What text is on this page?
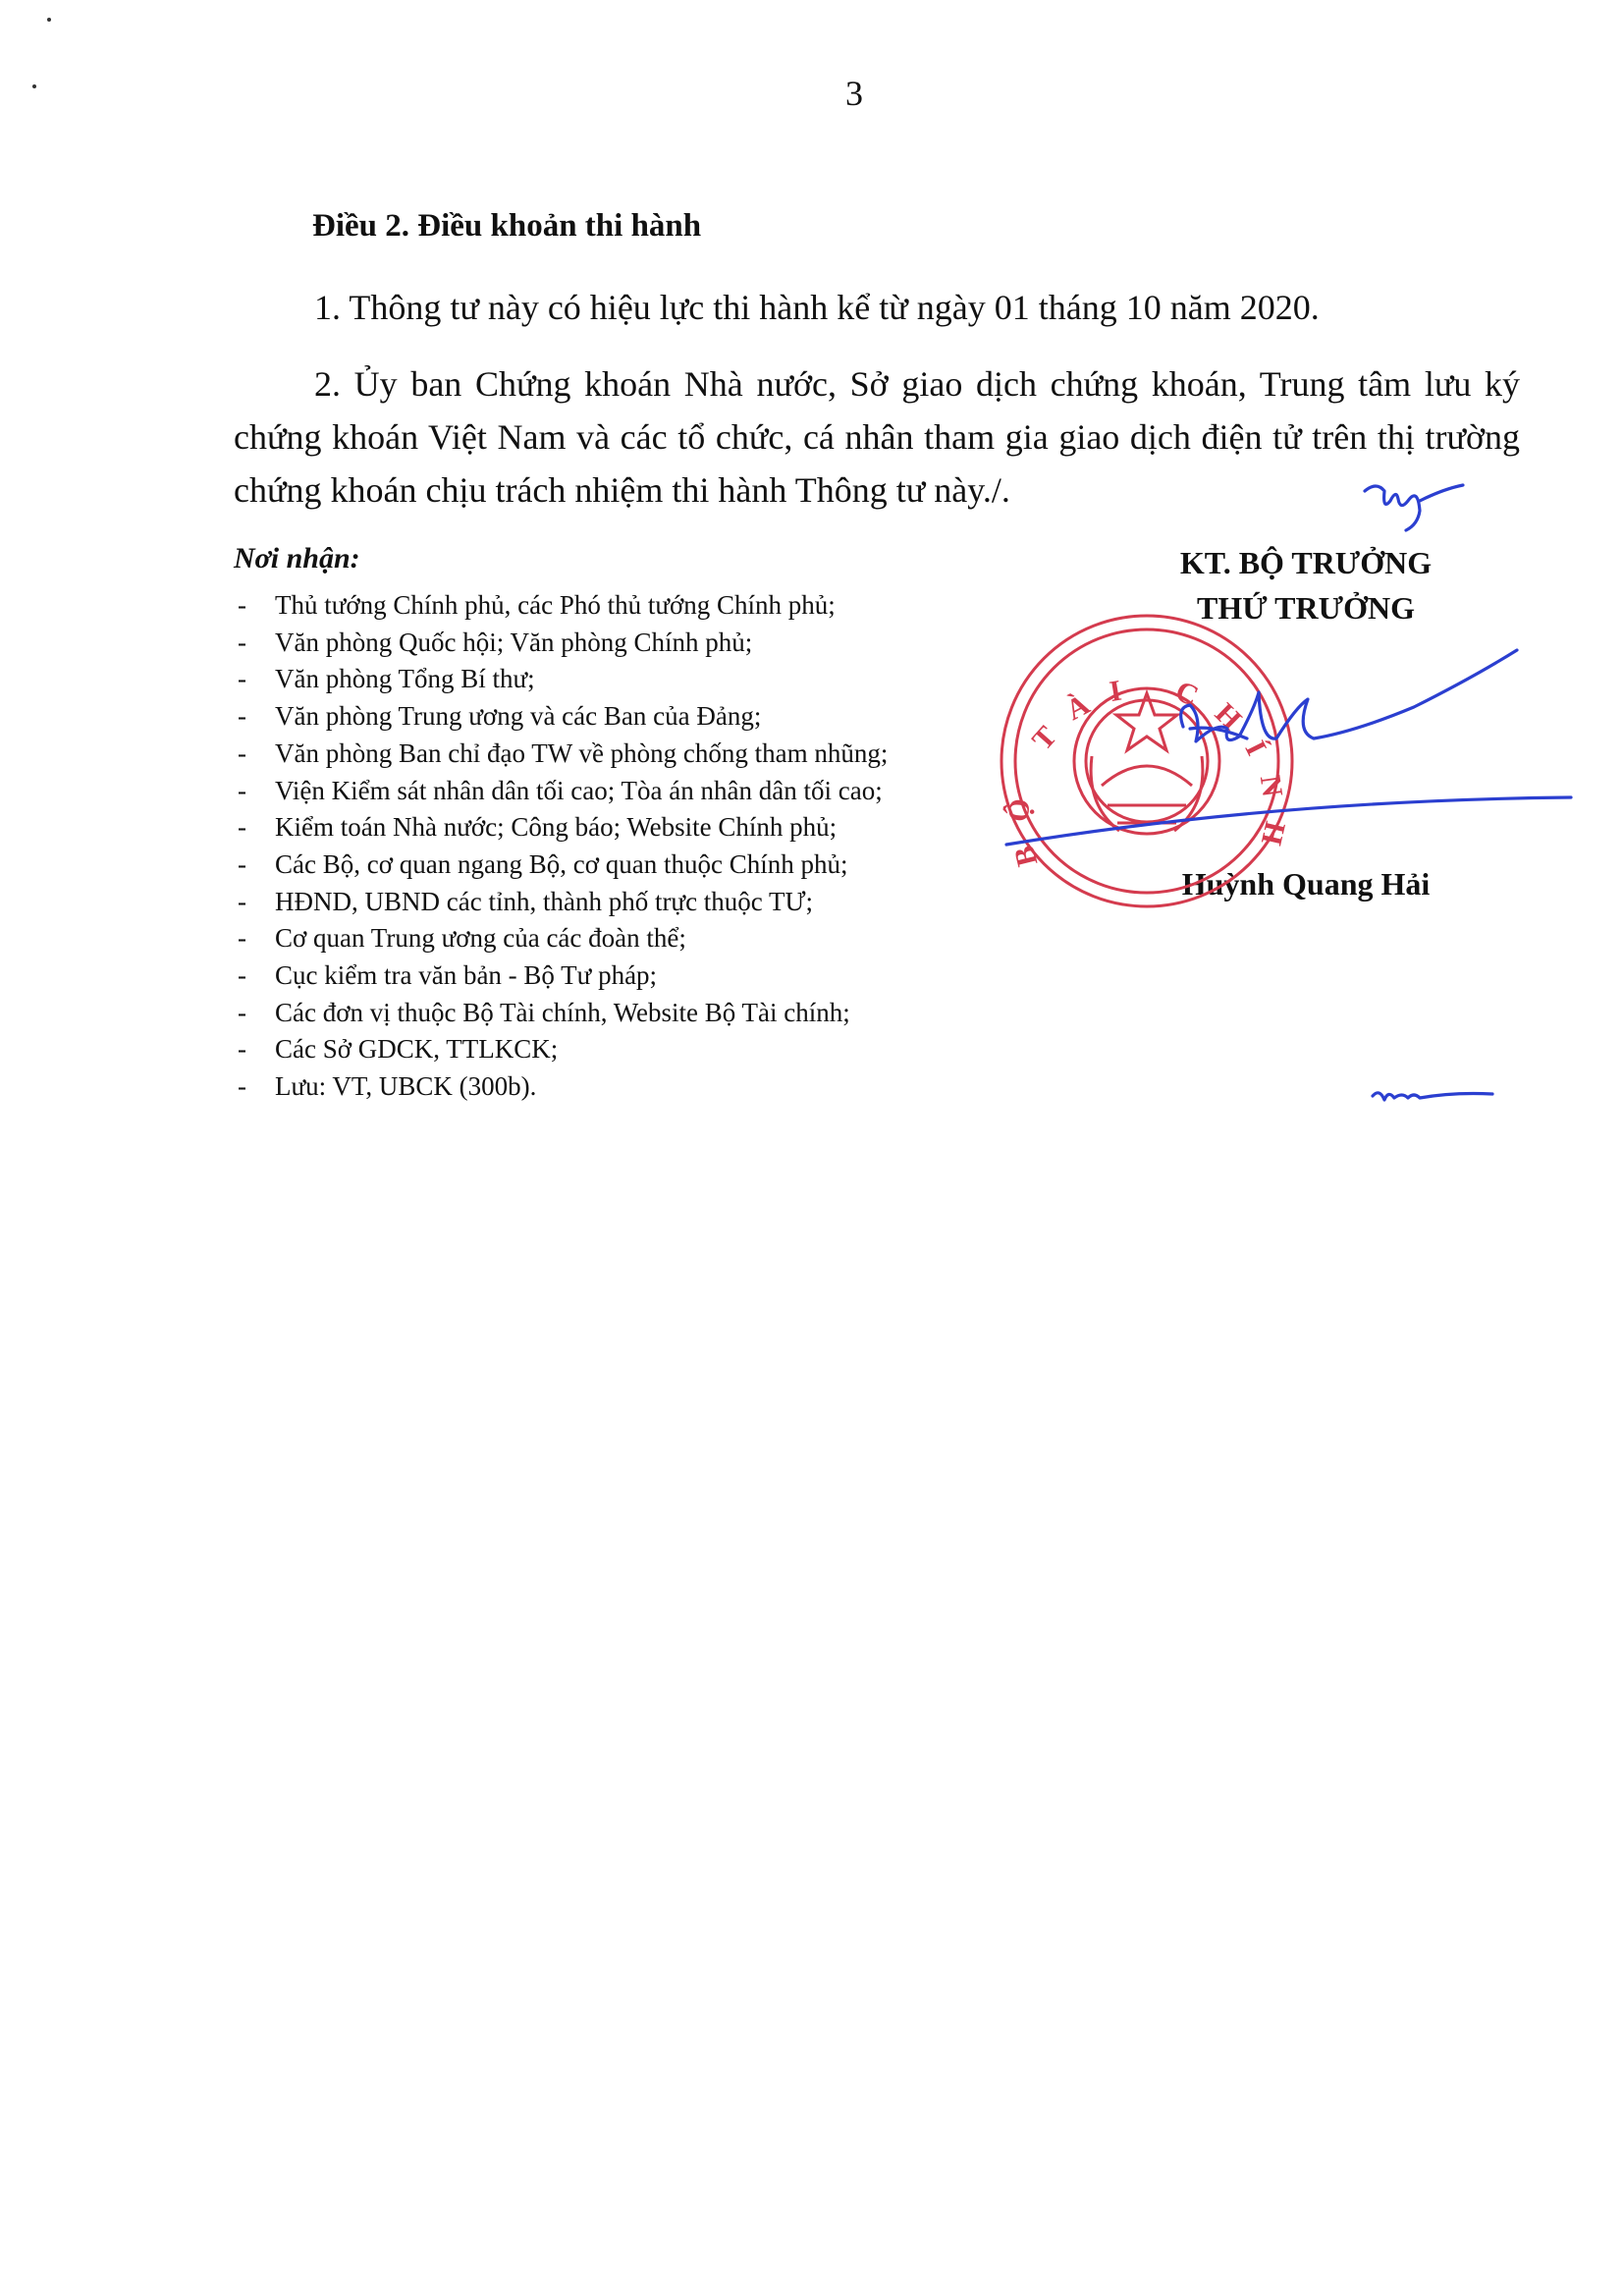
3
Điều 2. Điều khoản thi hành
1. Thông tư này có hiệu lực thi hành kể từ ngày 01 tháng 10 năm 2020.
2. Ủy ban Chứng khoán Nhà nước, Sở giao dịch chứng khoán, Trung tâm lưu ký chứng khoán Việt Nam và các tổ chức, cá nhân tham gia giao dịch điện tử trên thị trường chứng khoán chịu trách nhiệm thi hành Thông tư này./.
Nơi nhận:
- Thủ tướng Chính phủ, các Phó thủ tướng Chính phủ;
- Văn phòng Quốc hội; Văn phòng Chính phủ;
- Văn phòng Tổng Bí thư;
- Văn phòng Trung ương và các Ban của Đảng;
- Văn phòng Ban chỉ đạo TW về phòng chống tham nhũng;
- Viện Kiểm sát nhân dân tối cao; Tòa án nhân dân tối cao;
- Kiểm toán Nhà nước; Công báo; Website Chính phủ;
- Các Bộ, cơ quan ngang Bộ, cơ quan thuộc Chính phủ;
- HĐND, UBND các tỉnh, thành phố trực thuộc TƯ;
- Cơ quan Trung ương của các đoàn thể;
- Cục kiểm tra văn bản - Bộ Tư pháp;
- Các đơn vị thuộc Bộ Tài chính, Website Bộ Tài chính;
- Các Sở GDCK, TTLKCK;
- Lưu: VT, UBCK (300b).
KT. BỘ TRƯỞNG
THỨ TRƯỞNG
Huỳnh Quang Hải
BỘ TÀI CHÍNH
